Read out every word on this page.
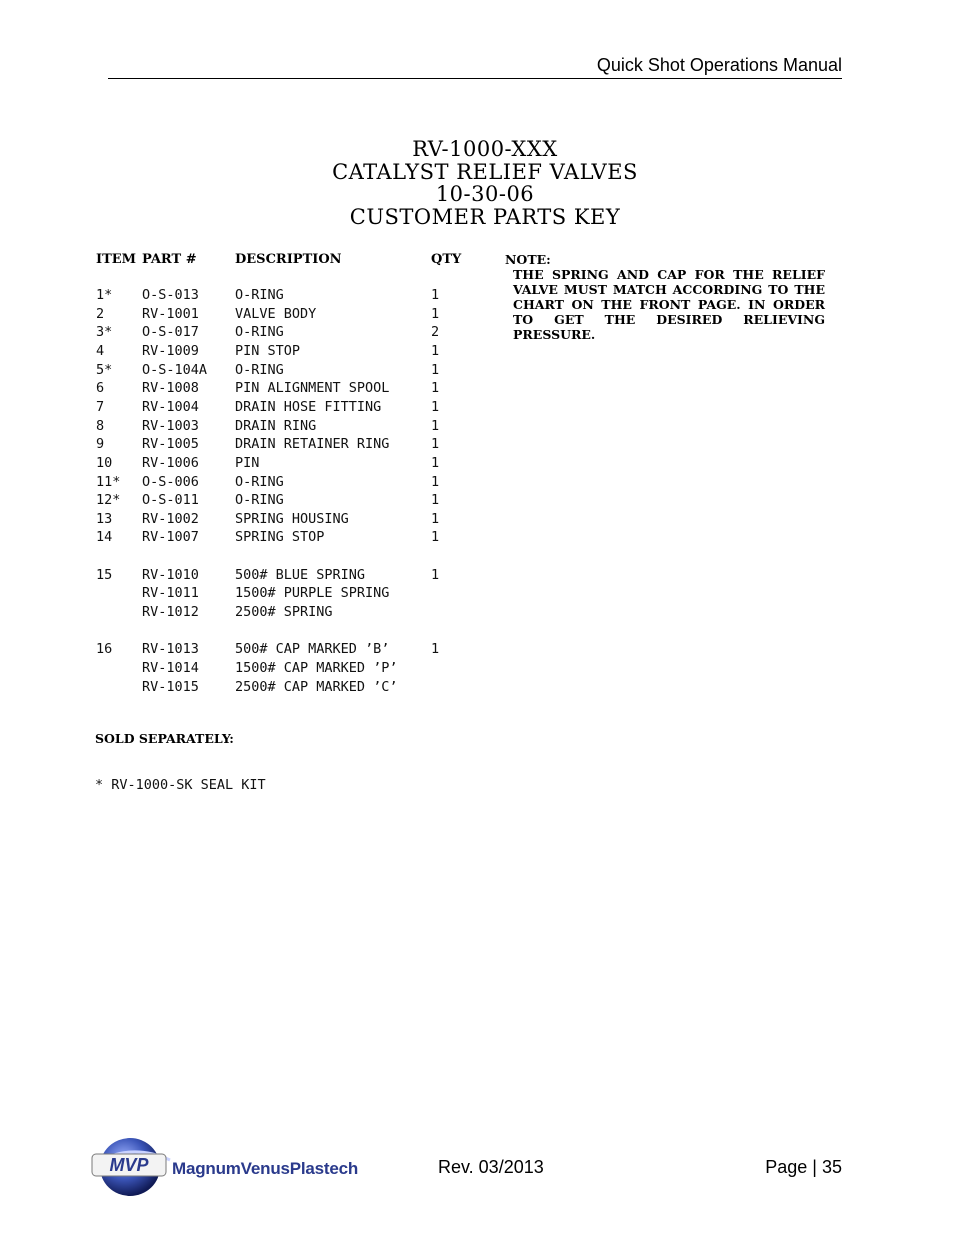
Quick Shot Operations Manual
RV-1000-XXX
CATALYST RELIEF VALVES
10-30-06
CUSTOMER PARTS KEY
ITEM PART #	DESCRIPTION	QTY
1* O-S-013	O-RING	1
2	RV-1001	VALVE BODY	1
3* O-S-017	O-RING	2
4	RV-1009	PIN STOP	1
5* O-S-104A O-RING	1
6	RV-1008	PIN ALIGNMENT SPOOL	1
7	RV-1004	DRAIN HOSE FITTING	1
8	RV-1003	DRAIN RING	1
9	RV-1005	DRAIN RETAINER RING	1
10 RV-1006	PIN	1
11* O-S-006	O-RING	1
12* O-S-011	O-RING	1
13 RV-1002	SPRING HOUSING	1
14 RV-1007	SPRING STOP	1
15 RV-1010	500# BLUE SPRING	1
RV-1011	1500# PURPLE SPRING
RV-1012	2500# SPRING
16 RV-1013	500# CAP MARKED ’B’	1
RV-1014	1500# CAP MARKED ’P’
RV-1015	2500# CAP MARKED ’C’
NOTE:
THE SPRING AND CAP FOR THE RELIEF VALVE MUST MATCH ACCORDING TO THE CHART ON THE FRONT PAGE. IN ORDER TO GET THE DESIRED RELIEVING PRESSURE.
SOLD SEPARATELY:
* RV-1000-SK SEAL KIT
MVP MagnumVenusPlastech	Rev. 03/2013	Page | 35
